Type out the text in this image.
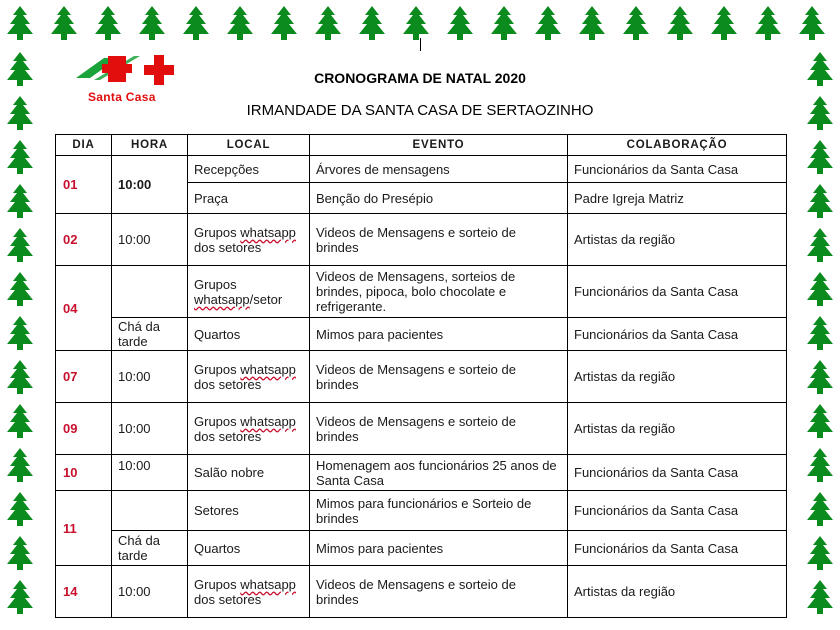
Santa Casa
CRONOGRAMA DE NATAL 2020
IRMANDADE DA SANTA CASA DE SERTAOZINHO
DIA	HORA	LOCAL	EVENTO	COLABORAÇÃO
01	10:00	Recepções	Árvores de mensagens	Funcionários da Santa Casa
		Praça	Benção do Presépio	Padre Igreja Matriz
02	10:00	Grupos whatsapp dos setores	Videos de Mensagens e sorteio de brindes	Artistas da região
04		Grupos whatsapp/setor	Videos de Mensagens, sorteios de brindes, pipoca, bolo chocolate e refrigerante.	Funcionários da Santa Casa
	Chá da tarde	Quartos	Mimos para pacientes	Funcionários da Santa Casa
07	10:00	Grupos whatsapp dos setores	Videos de Mensagens e sorteio de brindes	Artistas da região
09	10:00	Grupos whatsapp dos setores	Videos de Mensagens e sorteio de brindes	Artistas da região
10	10:00	Salão nobre	Homenagem aos funcionários 25 anos de Santa Casa	Funcionários da Santa Casa
11		Setores	Mimos para funcionários e Sorteio de brindes	Funcionários da Santa Casa
	Chá da tarde	Quartos	Mimos para pacientes	Funcionários da Santa Casa
14	10:00	Grupos whatsapp dos setores	Videos de Mensagens e sorteio de brindes	Artistas da região
